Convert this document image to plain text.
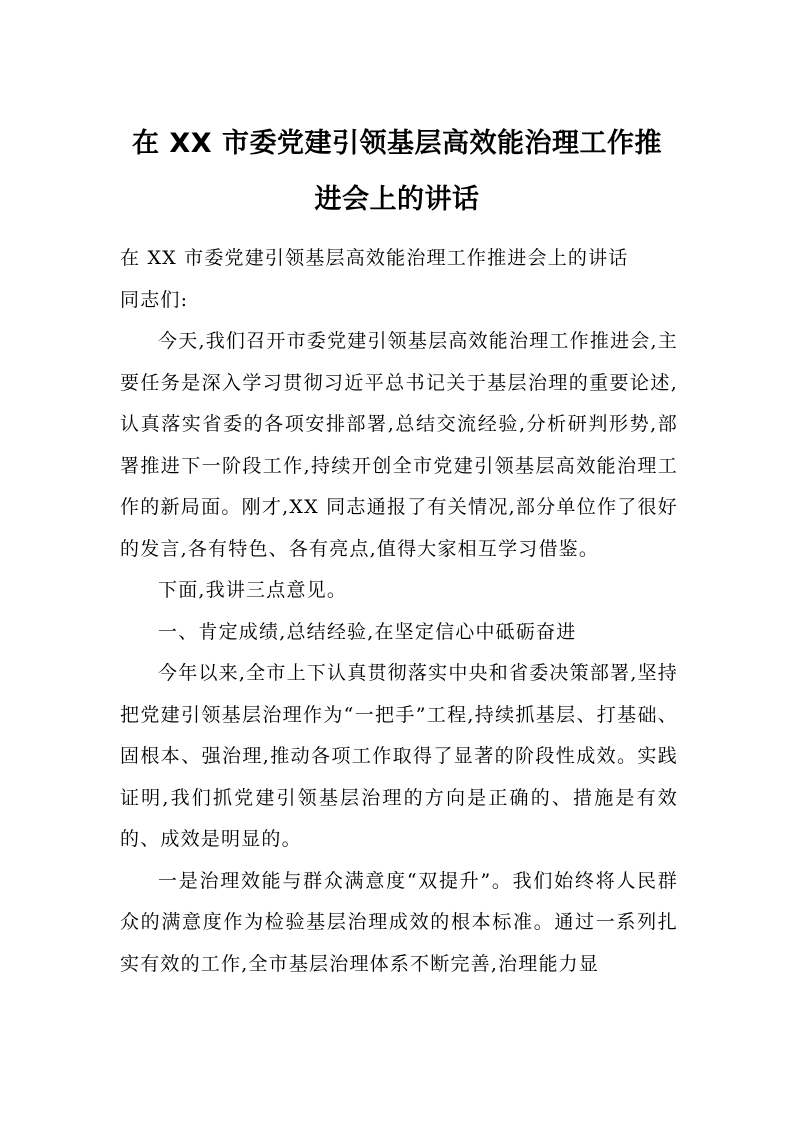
在 XX 市委党建引领基层高效能治理工作推
进会上的讲话

在 XX 市委党建引领基层高效能治理工作推进会上的讲话

同志们:

今天,我们召开市委党建引领基层高效能治理工作推进会,主要任务是深入学习贯彻习近平总书记关于基层治理的重要论述,认真落实省委的各项安排部署,总结交流经验,分析研判形势,部署推进下一阶段工作,持续开创全市党建引领基层高效能治理工作的新局面。刚才,XX 同志通报了有关情况,部分单位作了很好的发言,各有特色、各有亮点,值得大家相互学习借鉴。

下面,我讲三点意见。

一、肯定成绩,总结经验,在坚定信心中砥砺奋进

今年以来,全市上下认真贯彻落实中央和省委决策部署,坚持把党建引领基层治理作为“一把手”工程,持续抓基层、打基础、固根本、强治理,推动各项工作取得了显著的阶段性成效。实践证明,我们抓党建引领基层治理的方向是正确的、措施是有效的、成效是明显的。

一是治理效能与群众满意度“双提升”。我们始终将人民群众的满意度作为检验基层治理成效的根本标准。通过一系列扎实有效的工作,全市基层治理体系不断完善,治理能力显
